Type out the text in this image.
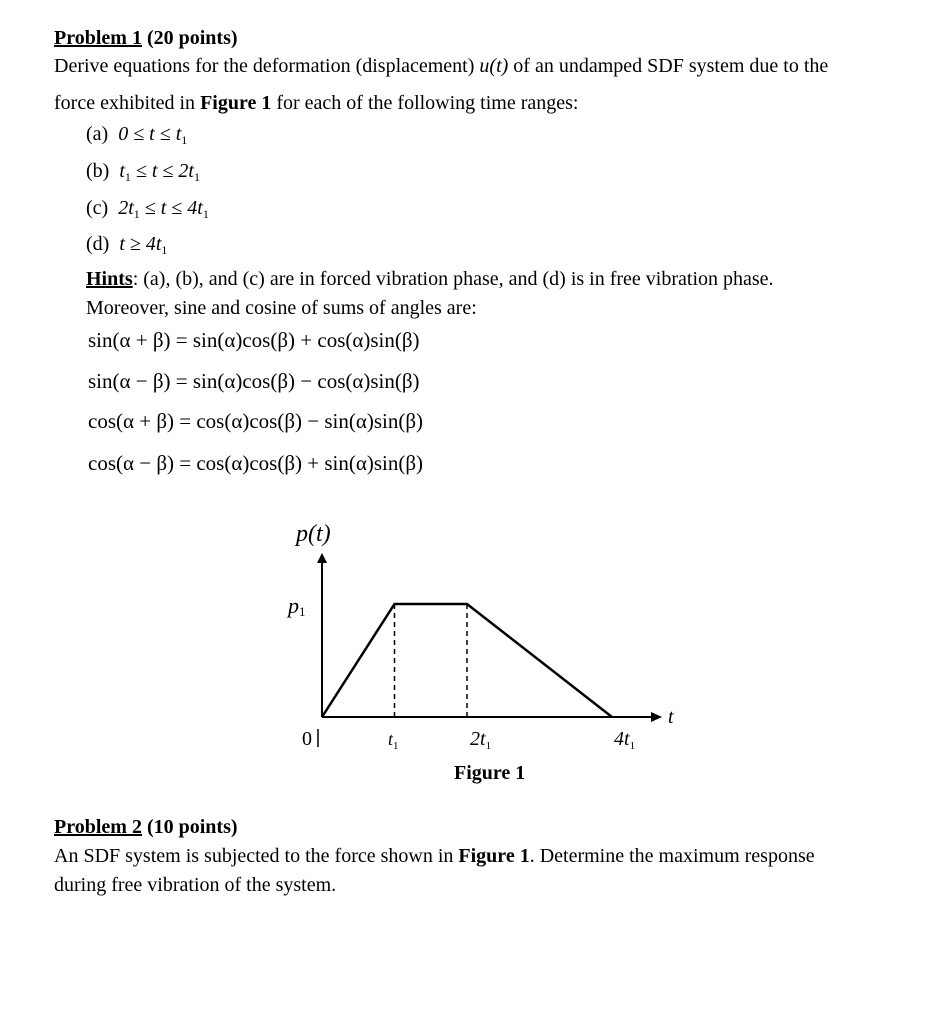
Problem 1 (20 points)
Derive equations for the deformation (displacement) u(t) of an undamped SDF system due to the
force exhibited in Figure 1 for each of the following time ranges:
(a) $0 \le t \le t_1$
(b) $t_1 \le t \le 2t_1$
(c) $2t_1 \le t \le 4t_1$
(d) $t \ge 4t_1$
Hints: (a), (b), and (c) are in forced vibration phase, and (d) is in free vibration phase.
Moreover, sine and cosine of sums of angles are:
sin(α + β) = sin(α)cos(β) + cos(α)sin(β)
sin(α − β) = sin(α)cos(β) − cos(α)sin(β)
cos(α + β) = cos(α)cos(β) − sin(α)sin(β)
cos(α − β) = cos(α)cos(β) + sin(α)sin(β)
p(t)
t
p1
0	$t_1$	$2t_1$	$4t_1$
Figure 1
Problem 2 (10 points)
An SDF system is subjected to the force shown in Figure 1. Determine the maximum response
during free vibration of the system.
